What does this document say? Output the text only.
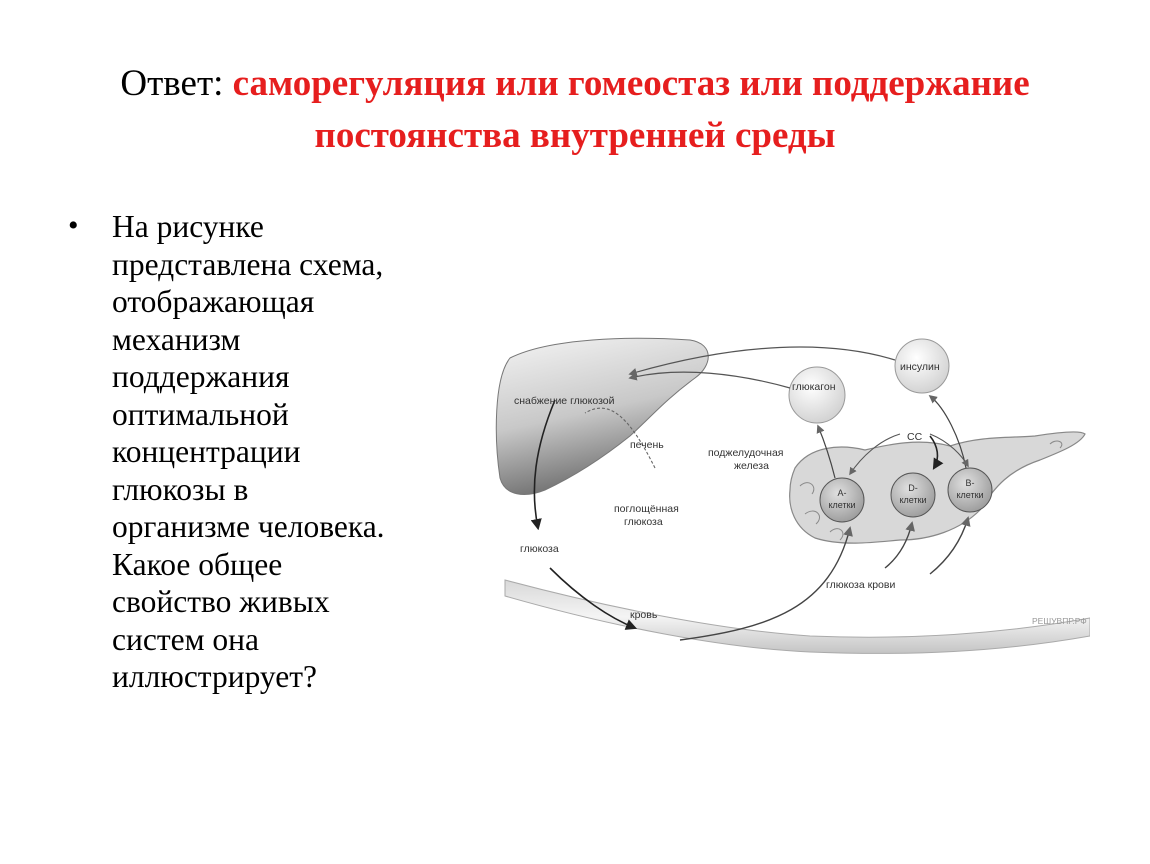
Ответ: саморегуляция или гомеостаз или поддержание постоянства внутренней среды
• На рисунке
представлена схема,
отображающая
механизм
поддержания
оптимальной
концентрации
глюкозы в
организме человека.
Какое общее
свойство живых
систем она
иллюстрирует?
снабжение глюкозой
печень
глюкагон
инсулин
поджелудочная
железа
СС
А-
клетки
D-
клетки
В-
клетки
поглощённая
глюкоза
глюкоза
глюкоза крови
кровь	РЕШУВПР.РФ
